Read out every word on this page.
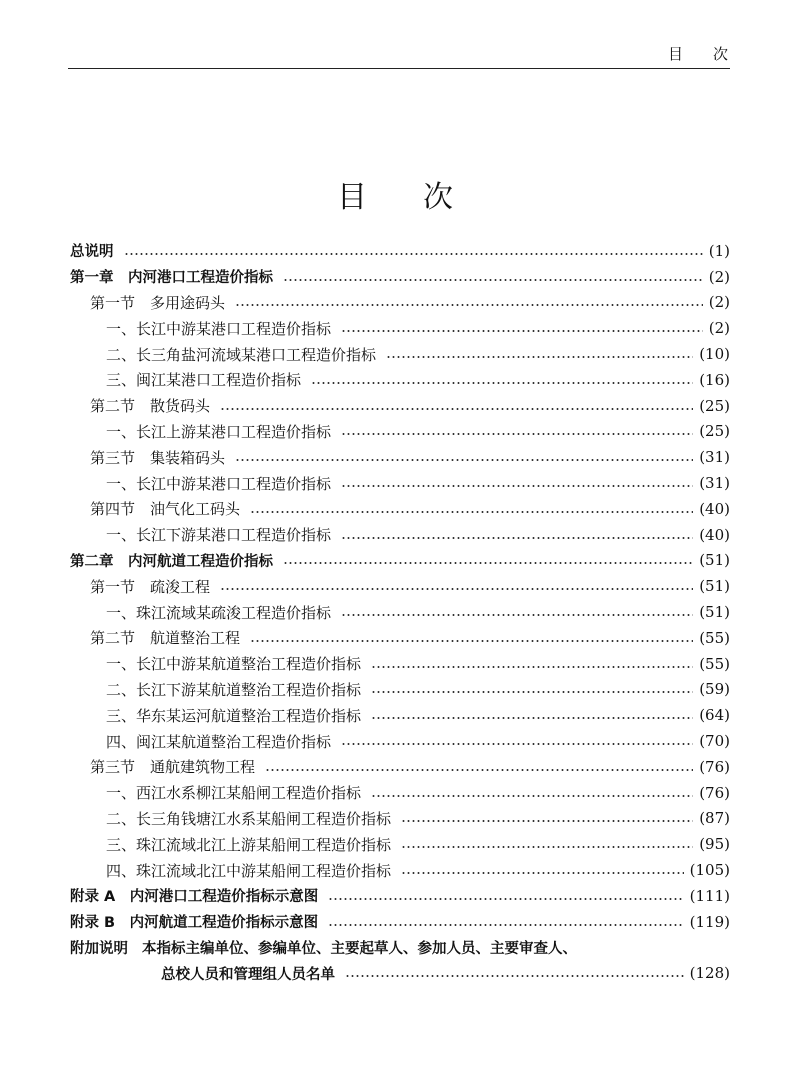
目　　次
目 次
总说明	(1)
第一章　内河港口工程造价指标	(2)
第一节　多用途码头	(2)
一、长江中游某港口工程造价指标	(2)
二、长三角盐河流域某港口工程造价指标	(10)
三、闽江某港口工程造价指标	(16)
第二节　散货码头	(25)
一、长江上游某港口工程造价指标	(25)
第三节　集装箱码头	(31)
一、长江中游某港口工程造价指标	(31)
第四节　油气化工码头	(40)
一、长江下游某港口工程造价指标	(40)
第二章　内河航道工程造价指标	(51)
第一节　疏浚工程	(51)
一、珠江流域某疏浚工程造价指标	(51)
第二节　航道整治工程	(55)
一、长江中游某航道整治工程造价指标	(55)
二、长江下游某航道整治工程造价指标	(59)
三、华东某运河航道整治工程造价指标	(64)
四、闽江某航道整治工程造价指标	(70)
第三节　通航建筑物工程	(76)
一、西江水系柳江某船闸工程造价指标	(76)
二、长三角钱塘江水系某船闸工程造价指标	(87)
三、珠江流域北江上游某船闸工程造价指标	(95)
四、珠江流域北江中游某船闸工程造价指标	(105)
附录 A　内河港口工程造价指标示意图	(111)
附录 B　内河航道工程造价指标示意图	(119)
附加说明 本指标主编单位、参编单位、主要起草人、参加人员、主要审查人、
总校人员和管理组人员名单	(128)
